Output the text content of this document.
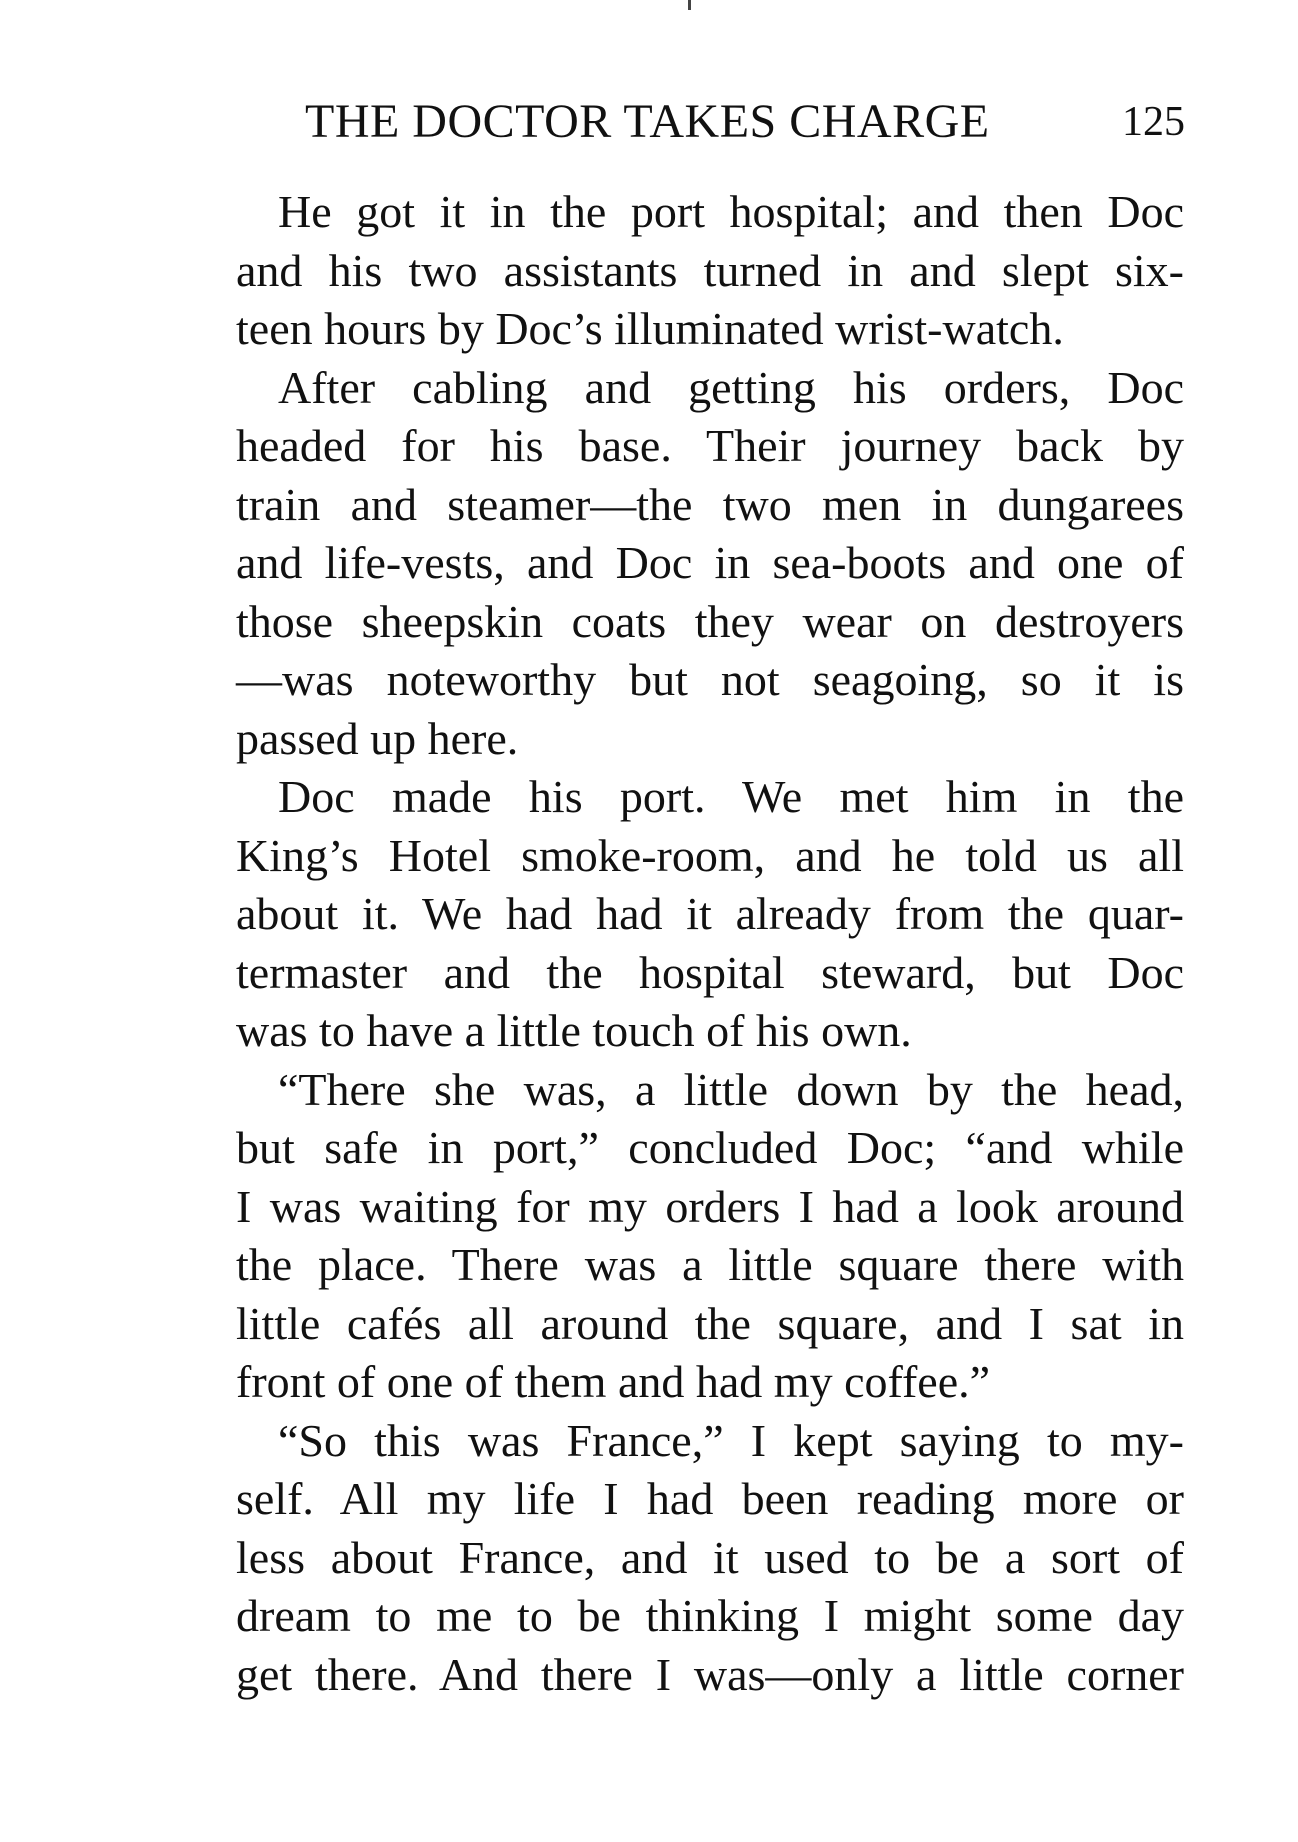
THE DOCTOR TAKES CHARGE	125
He got it in the port hospital; and then Doc
and his two assistants turned in and slept six-
teen hours by Doc’s illuminated wrist-watch.
After cabling and getting his orders, Doc
headed for his base. Their journey back by
train and steamer—the two men in dungarees
and life-vests, and Doc in sea-boots and one of
those sheepskin coats they wear on destroyers
—was noteworthy but not seagoing, so it is
passed up here.
Doc made his port. We met him in the
King’s Hotel smoke-room, and he told us all
about it. We had had it already from the quar-
termaster and the hospital steward, but Doc
was to have a little touch of his own.
“There she was, a little down by the head,
but safe in port,” concluded Doc; “and while
I was waiting for my orders I had a look around
the place. There was a little square there with
little cafés all around the square, and I sat in
front of one of them and had my coffee.”
“So this was France,” I kept saying to my-
self. All my life I had been reading more or
less about France, and it used to be a sort of
dream to me to be thinking I might some day
get there. And there I was—only a little corner
